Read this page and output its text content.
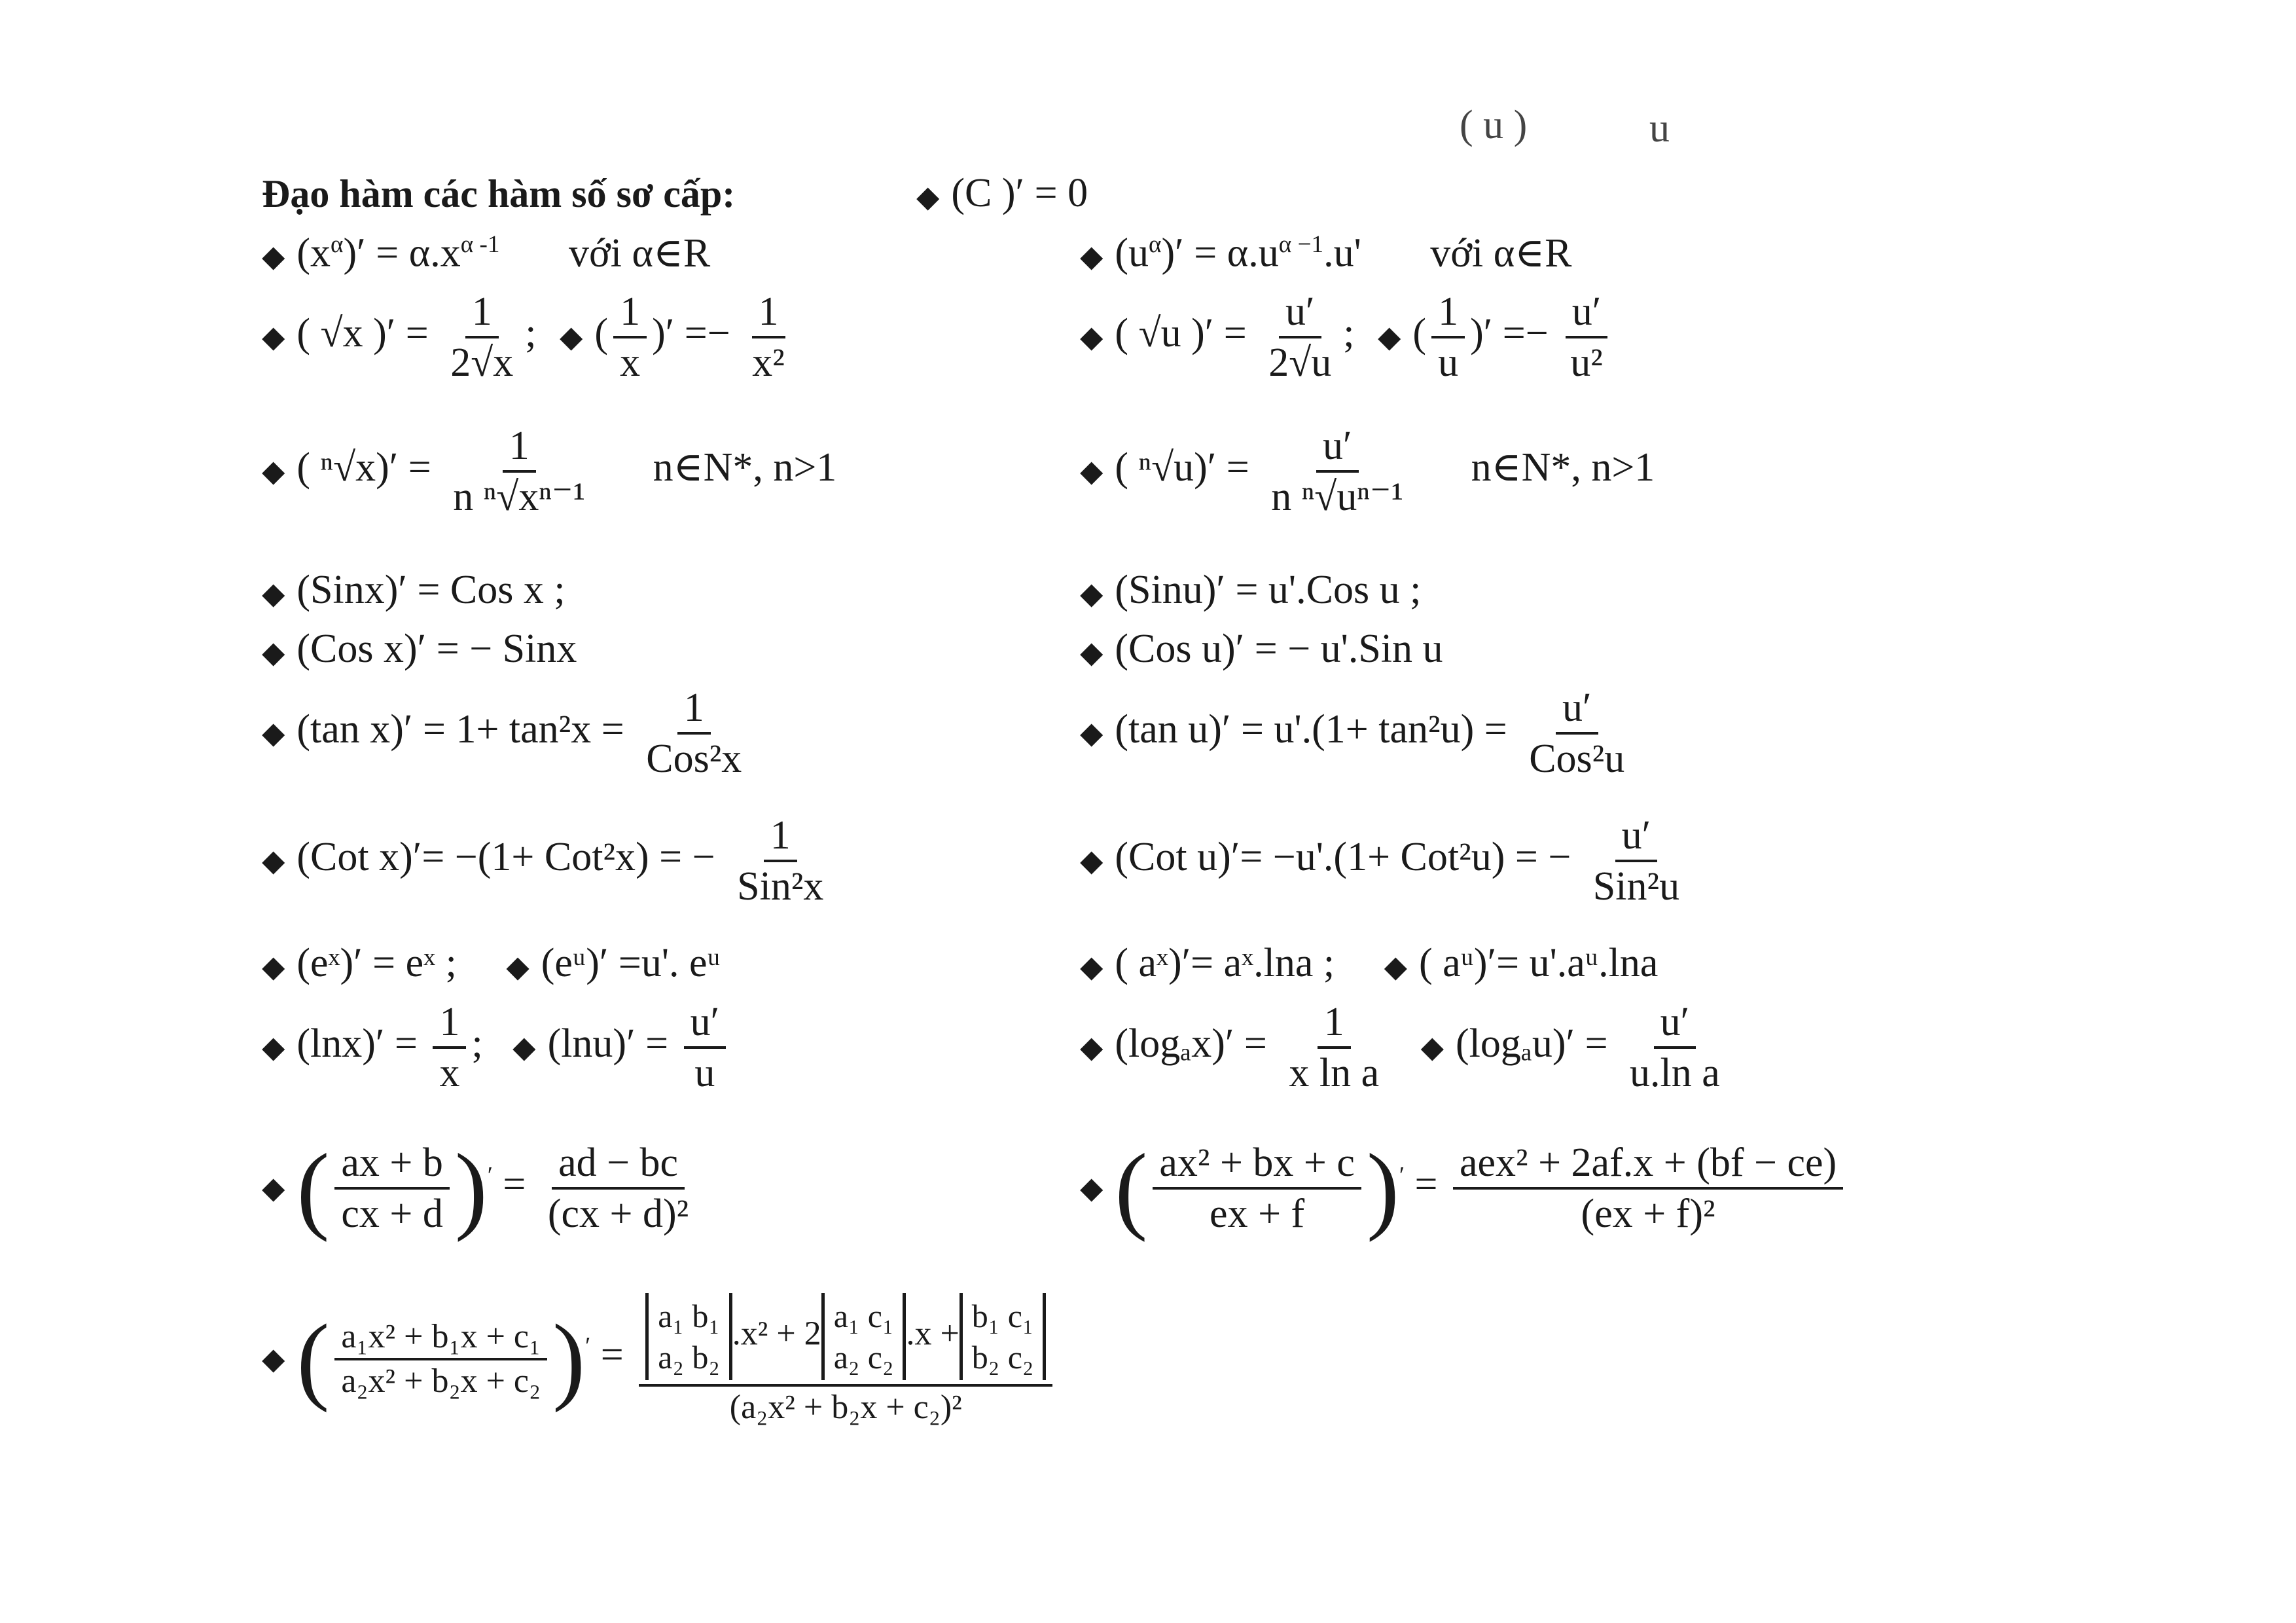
( u )	u
Đạo hàm các hàm số sơ cấp:	◆ (C )′ = 0
◆ $(x^\alpha)' = \alpha.x^{\alpha -1}$ với α∈R	◆ $(u^\alpha)' = \alpha.u^{\alpha -1}.u'$ với α∈R
◆ ( √x )′ = $\frac{1}{2√x}$ ; ◆ ( $\frac{1}{x}$ )′ =− $\frac{1}{\text{x²}}$	◆ ( √u )′ = $\frac{u'}{2√u}$ ; ◆ ( $\frac{1}{u}$ )′ =− $\frac{u'}{\text{u²}}$
◆ ( $^n√x)' = \frac{1}{\text{n ⁿ√xⁿ⁻¹}}$ n∈N*, n>1	◆ ( $^n√u)' = \frac{u'}{\text{n ⁿ√uⁿ⁻¹}}$ n∈N*, n>1
◆ (Sinx)′ = Cos x ;	◆ (Sinu)′ = u'.Cos u ;
◆ (Cos x)′ = − Sinx	◆ (Cos u)′ = − u'.Sin u
◆ (tan $x)' = 1+ \tan^2x = \frac{1}{\text{Cos²x}}$	◆ (tan $u)' = u'.(1+ \tan^2u) = \frac{u'}{\text{Cos²u}}$
◆ (Cot x)′= −(1+ Cot²x) = − $\frac{1}{\text{Sin²x}}$	◆ (Cot u)′= −u'.(1+ Cot²u) = − $\frac{u'}{\text{Sin²u}}$
◆ (eˣ)′ = eˣ ; ◆ (eᵘ)′ =u'. eᵘ	◆ ( aˣ)′= aˣ.lna ; ◆ ( aᵘ)′= u'.aᵘ.lna
◆ $(\ln x)' = \frac{1}{x}$ ; ◆ $(\ln u)' = \frac{u'}{u}$	◆ $(\log_ax)' = \frac{1}{\text{x ln a}}$ ◆ $(\log_au)' = \frac{u'}{\text{u.ln a}}$
◆ ( $\frac{ax + b}{cx + d} )' = \frac{ad - bc}{\text{(cx + d)²}}$	◆ ( $\frac{\text{ax² + bx + c}}{ex + f} )' = \frac{\text{aex² + 2af.x + (bf − ce)}}{\text{(ex + f)²}}$
◆ ( $\frac{\text{a₁x² + b₁x + c₁}}{\text{a₂x² + b₂x + c₂}} )' = a_1$ b₁
a₂ b₂
.x² + 2 a₁ c₁
a₂ c₂
.x + b₁ c₁
b₂ c₂
(a₂x² + b₂x + c₂)²
